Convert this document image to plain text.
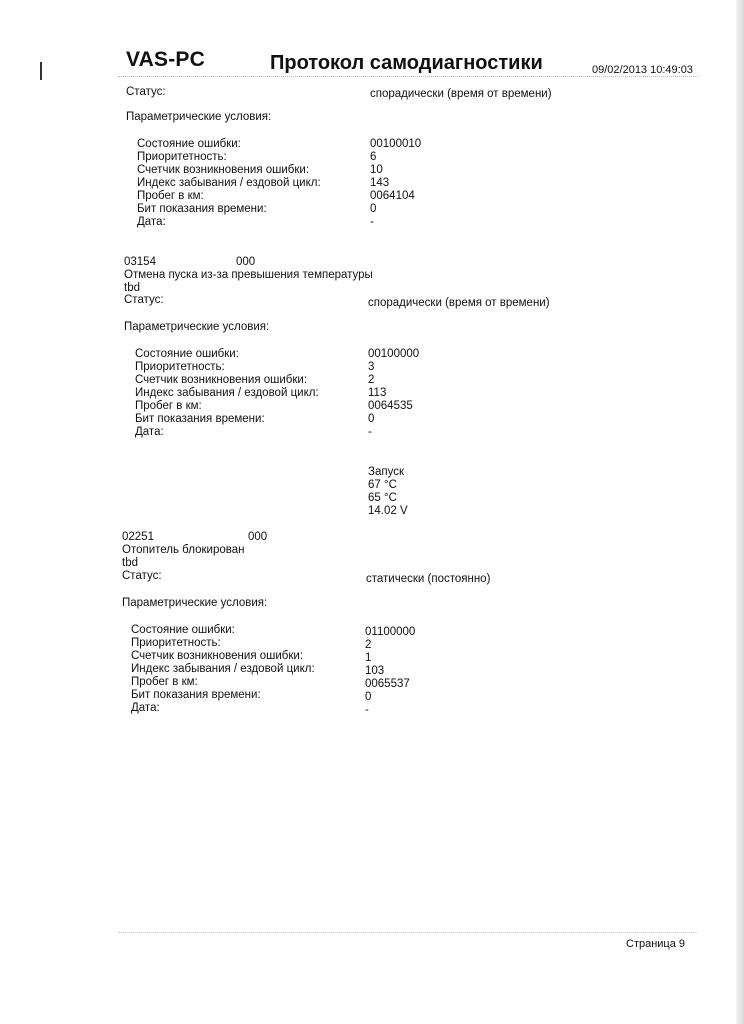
VAS-PC	Протокол самодиагностики	09/02/2013 10:49:03
Статус:	спорадически (время от времени)
Параметрические условия:
Состояние ошибки:	00100010
Приоритетность:	6
Счетчик возникновения ошибки:	10
Индекс забывания / ездовой цикл:	143
Пробег в км:	0064104
Бит показания времени:	0
Дата:	-
03154	000
Отмена пуска из-за превышения температуры
tbd
Статус:	спорадически (время от времени)
Параметрические условия:
Состояние ошибки:	00100000
Приоритетность:	3
Счетчик возникновения ошибки:	2
Индекс забывания / ездовой цикл:	113
Пробег в км:	0064535
Бит показания времени:	0
Дата:	-
Запуск
67 °C
65 °C
14.02 V
02251	000
Отопитель блокирован
tbd
Статус:	статически (постоянно)
Параметрические условия:
Состояние ошибки:	01100000
Приоритетность:	2
Счетчик возникновения ошибки:	1
Индекс забывания / ездовой цикл:	103
Пробег в км:	0065537
Бит показания времени:	0
Дата:	-
Страница 9
